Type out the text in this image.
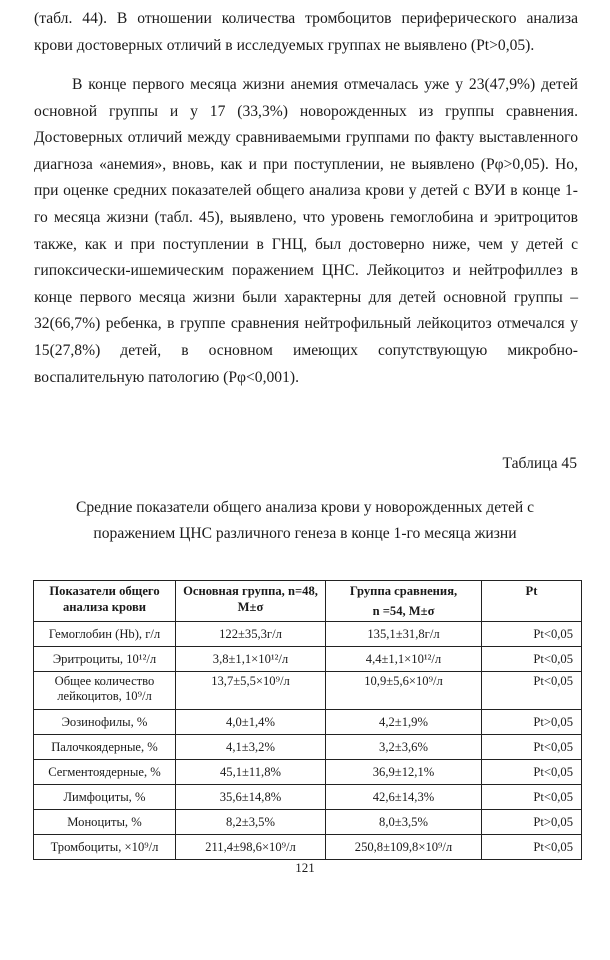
(табл. 44). В отношении количества тромбоцитов периферического анализа
крови достоверных отличий в исследуемых группах не выявлено (Pt>0,05).

В конце первого месяца жизни анемия отмечалась уже у 23(47,9%) детей основной группы и у 17 (33,3%) новорожденных из группы сравнения. Достоверных отличий между сравниваемыми группами по факту выставленного диагноза «анемия», вновь, как и при поступлении, не выявлено (Pφ>0,05). Но, при оценке средних показателей общего анализа крови у детей с ВУИ в конце 1-го месяца жизни (табл. 45), выявлено, что уровень гемоглобина и эритроцитов также, как и при поступлении в ГНЦ, был достоверно ниже, чем у детей с гипоксически-ишемическим поражением ЦНС. Лейкоцитоз и нейтрофиллез в конце первого месяца жизни были характерны для детей основной группы – 32(66,7%) ребенка, в группе сравнения нейтрофильный лейкоцитоз отмечался у 15(27,8%) детей, в основном имеющих сопутствующую микробно-воспалительную патологию (Pφ<0,001).

Таблица 45

Средние показатели общего анализа крови у новорожденных детей с
поражением ЦНС различного генеза в конце 1-го месяца жизни

Показатели общего анализа крови	Основная группа, n=48, M±σ	Группа сравнения,
n =54, M±σ	Pt
Гемоглобин (Hb), г/л	122±35,3г/л	135,1±31,8г/л	Pt<0,05
Эритроциты, 10¹²/л	3,8±1,1×10¹²/л	4,4±1,1×10¹²/л	Pt<0,05
Общее количество лейкоцитов, 10⁹/л	13,7±5,5×10⁹/л	10,9±5,6×10⁹/л	Pt<0,05
Эозинофилы, %	4,0±1,4%	4,2±1,9%	Pt>0,05
Палочкоядерные, %	4,1±3,2%	3,2±3,6%	Pt<0,05
Сегментоядерные, %	45,1±11,8%	36,9±12,1%	Pt<0,05
Лимфоциты, %	35,6±14,8%	42,6±14,3%	Pt<0,05
Моноциты, %	8,2±3,5%	8,0±3,5%	Pt>0,05
Тромбоциты, ×10⁹/л	211,4±98,6×10⁹/л	250,8±109,8×10⁹/л	Pt<0,05

121
